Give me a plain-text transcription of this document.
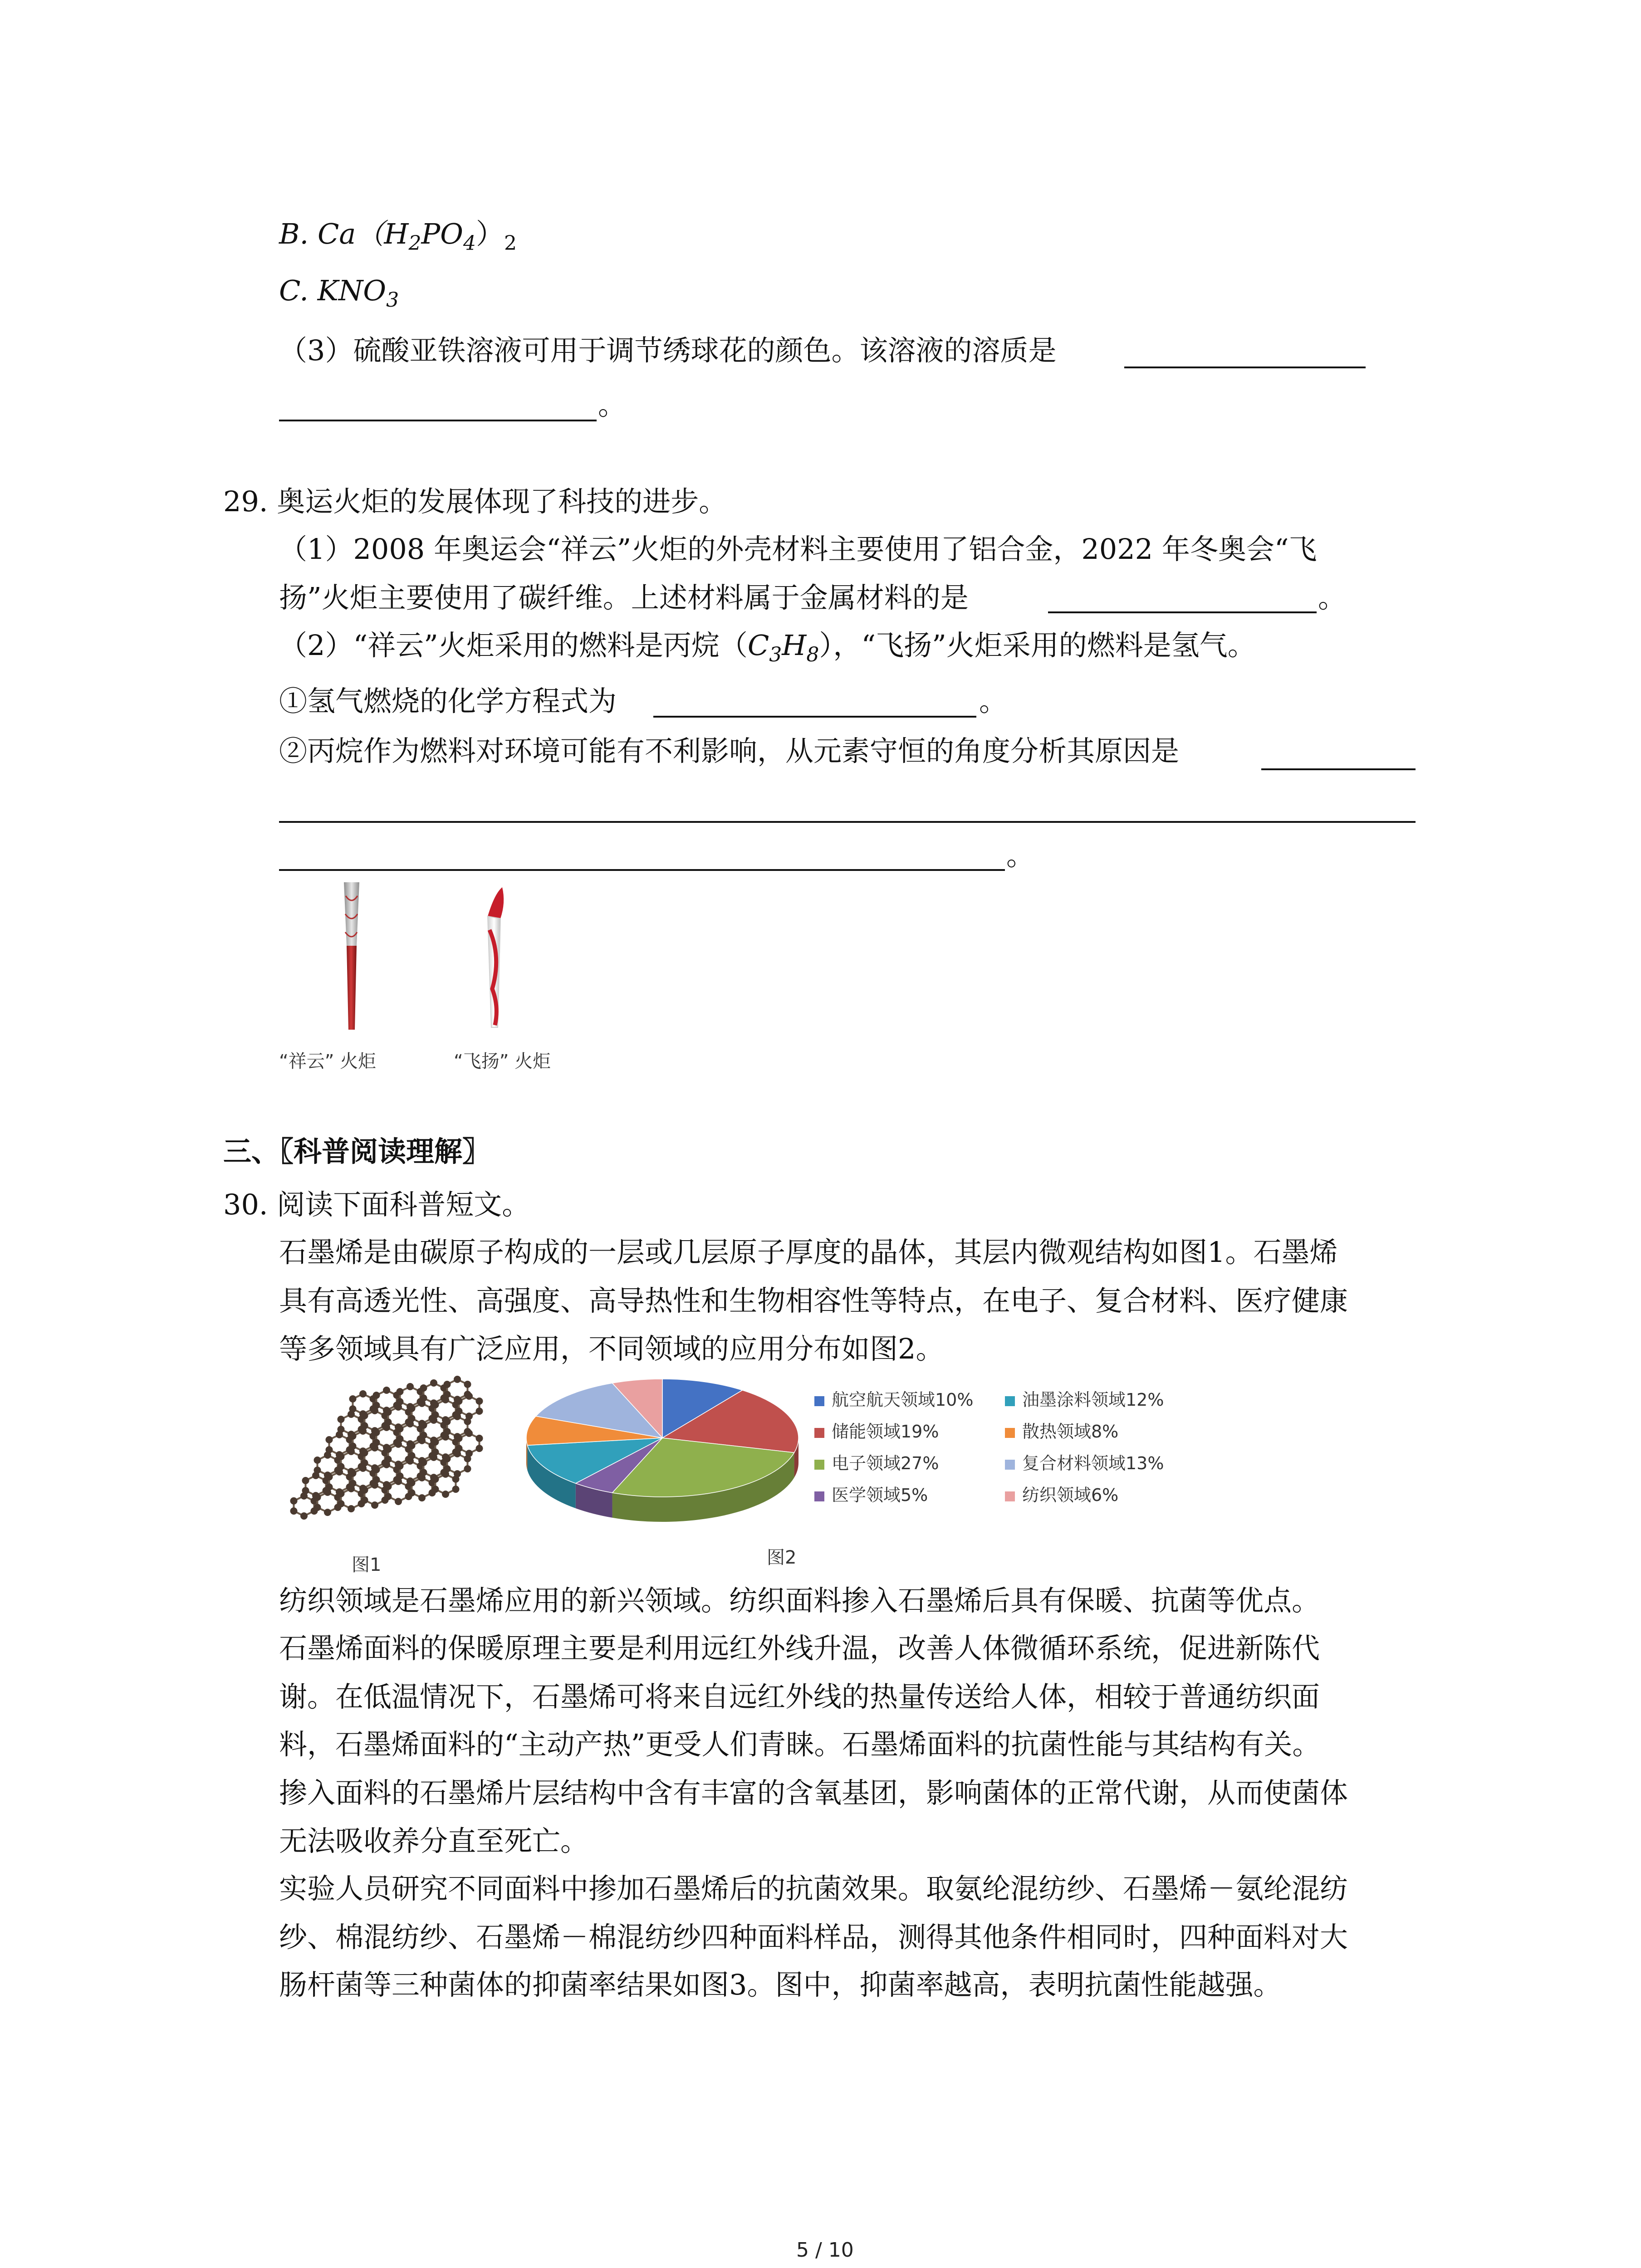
B. $Ca(H_2PO_4)_2$
C. $KNO_3$
（3）硫酸亚铁溶液可用于调节绣球花的颜色。该溶液的溶质是
。
29. 奥运火炬的发展体现了科技的进步。
（1）2008 年奥运会“祥云”火炬的外壳材料主要使用了铝合金，2022 年冬奥会“飞
扬”火炬主要使用了碳纤维。上述材料属于金属材料的是	。
（2）“祥云”火炬采用的燃料是丙烷$(C_3H_8)$，“飞扬”火炬采用的燃料是氢气。
①氢气燃烧的化学方程式为	。
②丙烷作为燃料对环境可能有不利影响，从元素守恒的角度分析其原因是
。
“祥云” 火炬	“飞扬” 火炬
三、〖科普阅读理解〗
30. 阅读下面科普短文。
石墨烯是由碳原子构成的一层或几层原子厚度的晶体，其层内微观结构如图1。石墨烯
具有高透光性、高强度、高导热性和生物相容性等特点，在电子、复合材料、医疗健康
等多领域具有广泛应用，不同领域的应用分布如图2。
图1
航空航天领域10%
储能领域19%
电子领域27%
医学领域5%
油墨涂料领域12%
散热领域8%
复合材料领域13%
纺织领域6%
图2
纺织领域是石墨烯应用的新兴领域。纺织面料掺入石墨烯后具有保暖、抗菌等优点。
石墨烯面料的保暖原理主要是利用远红外线升温，改善人体微循环系统，促进新陈代
谢。在低温情况下，石墨烯可将来自远红外线的热量传送给人体，相较于普通纺织面
料，石墨烯面料的“主动产热”更受人们青睐。石墨烯面料的抗菌性能与其结构有关。
掺入面料的石墨烯片层结构中含有丰富的含氧基团，影响菌体的正常代谢，从而使菌体
无法吸收养分直至死亡。
实验人员研究不同面料中掺加石墨烯后的抗菌效果。取氨纶混纺纱、石墨烯－氨纶混纺
纱、棉混纺纱、石墨烯－棉混纺纱四种面料样品，测得其他条件相同时，四种面料对大
肠杆菌等三种菌体的抑菌率结果如图3。图中，抑菌率越高，表明抗菌性能越强。
5 / 10
